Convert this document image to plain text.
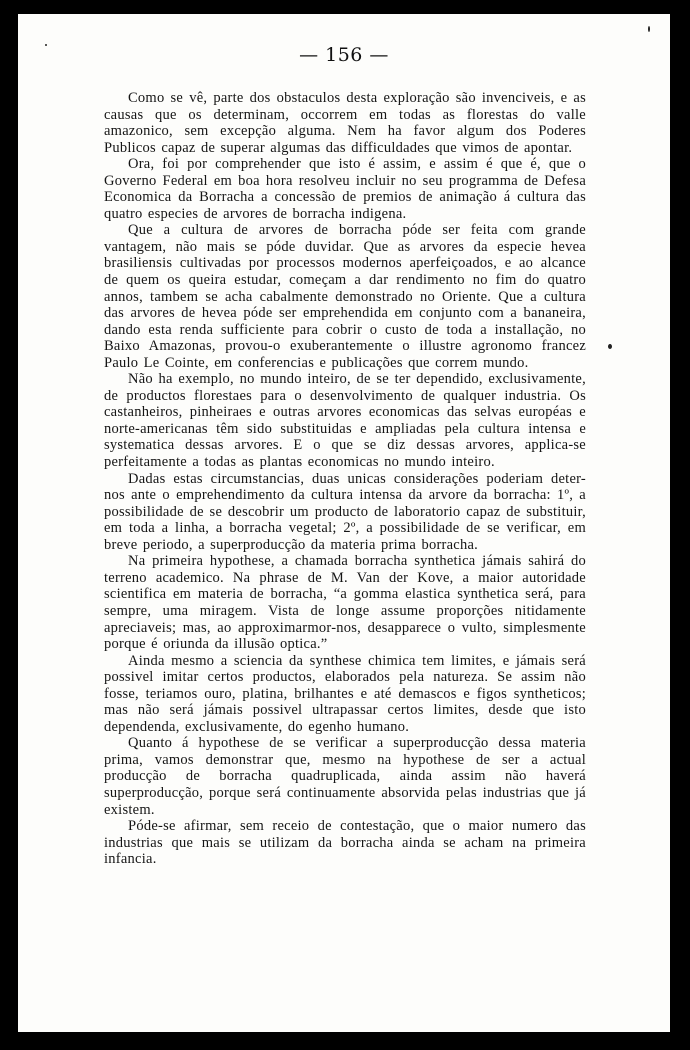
— 156 —

Como se vê, parte dos obstaculos desta exploração são invenciveis, e as causas que os determinam, occorrem em todas as florestas do valle amazonico, sem excepção alguma. Nem ha favor algum dos Poderes Publicos capaz de superar algumas das difficuldades que vimos de apontar.

Ora, foi por comprehender que isto é assim, e assim é que é, que o Governo Federal em boa hora resolveu incluir no seu programma de Defesa Economica da Borracha a concessão de premios de animação á cultura das quatro especies de arvores de borracha indigena.

Que a cultura de arvores de borracha póde ser feita com grande vantagem, não mais se póde duvidar. Que as arvores da especie hevea brasiliensis cultivadas por processos modernos aperfeiçoados, e ao alcance de quem os queira estudar, começam a dar rendimento no fim do quatro annos, tambem se acha cabalmente demonstrado no Oriente. Que a cultura das arvores de hevea póde ser emprehendida em conjunto com a bananeira, dando esta renda sufficiente para cobrir o custo de toda a installação, no Baixo Amazonas, provou-o exuberantemente o illustre agronomo francez Paulo Le Cointe, em conferencias e publicações que correm mundo.

Não ha exemplo, no mundo inteiro, de se ter dependido, exclusivamente, de productos florestaes para o desenvolvimento de qualquer industria. Os castanheiros, pinheiraes e outras arvores economicas das selvas européas e norte-americanas têm sido substituidas e ampliadas pela cultura intensa e systematica dessas arvores. E o que se diz dessas arvores, applica-se perfeitamente a todas as plantas economicas no mundo inteiro.

Dadas estas circumstancias, duas unicas considerações poderiam deter-nos ante o emprehendimento da cultura intensa da arvore da borracha: 1º, a possibilidade de se descobrir um producto de laboratorio capaz de substituir, em toda a linha, a borracha vegetal; 2º, a possibilidade de se verificar, em breve periodo, a superproducção da materia prima borracha.

Na primeira hypothese, a chamada borracha synthetica jámais sahirá do terreno academico. Na phrase de M. Van der Kove, a maior autoridade scientifica em materia de borracha, “a gomma elastica synthetica será, para sempre, uma miragem. Vista de longe assume proporções nitidamente apreciaveis; mas, ao approximarmor-nos, desapparece o vulto, simplesmente porque é oriunda da illusão optica.”

Ainda mesmo a sciencia da synthese chimica tem limites, e jámais será possivel imitar certos productos, elaborados pela natureza. Se assim não fosse, teriamos ouro, platina, brilhantes e até demascos e figos syntheticos; mas não será jámais possivel ultrapassar certos limites, desde que isto dependenda, exclusivamente, do egenho humano.

Quanto á hypothese de se verificar a superproducção dessa materia prima, vamos demonstrar que, mesmo na hypothese de ser a actual producção de borracha quadruplicada, ainda assim não haverá superproducção, porque será continuamente absorvida pelas industrias que já existem.

Póde-se afirmar, sem receio de contestação, que o maior numero das industrias que mais se utilizam da borracha ainda se acham na primeira infancia.
